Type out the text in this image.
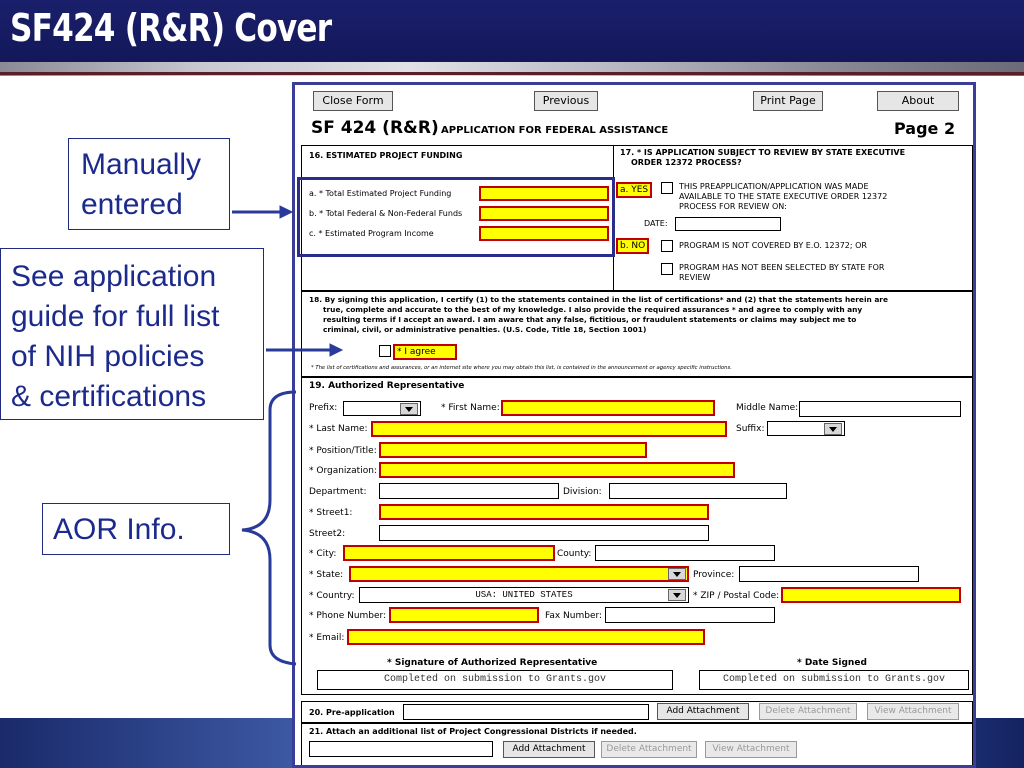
SF424 (R&R) Cover
Close Form	Previous	Print Page	About
SF 424 (R&R) APPLICATION FOR FEDERAL ASSISTANCE	Page 2
16. ESTIMATED PROJECT FUNDING
a. * Total Estimated Project Funding
b. * Total Federal & Non-Federal Funds
c. * Estimated Program Income
17. * IS APPLICATION SUBJECT TO REVIEW BY STATE EXECUTIVE
ORDER 12372 PROCESS?
a. YES	THIS PREAPPLICATION/APPLICATION WAS MADE
AVAILABLE TO THE STATE EXECUTIVE ORDER 12372
PROCESS FOR REVIEW ON:
DATE:
b. NO	PROGRAM IS NOT COVERED BY E.O. 12372; OR
PROGRAM HAS NOT BEEN SELECTED BY STATE FOR
REVIEW
18. By signing this application, I certify (1) to the statements contained in the list of certifications* and (2) that the statements herein are
true, complete and accurate to the best of my knowledge. I also provide the required assurances * and agree to comply with any
resulting terms if I accept an award. I am aware that any false, fictitious, or fraudulent statements or claims may subject me to
criminal, civil, or administrative penalties. (U.S. Code, Title 18, Section 1001)
* I agree
* The list of certifications and assurances, or an internet site where you may obtain this list, is contained in the announcement or agency specific instructions.
19. Authorized Representative
Prefix:	* First Name:	Middle Name:
* Last Name:	Suffix:
* Position/Title:
* Organization:
Department:	Division:
* Street1:
Street2:
* City:	County:
* State:	Province:
* Country:	USA: UNITED STATES	* ZIP / Postal Code:
* Phone Number:	Fax Number:
* Email:
* Signature of Authorized Representative	* Date Signed
Completed on submission to Grants.gov	Completed on submission to Grants.gov
20. Pre-application	Add Attachment	Delete Attachment	View Attachment
21. Attach an additional list of Project Congressional Districts if needed.
Add Attachment	Delete Attachment	View Attachment
Manually
entered
See application
guide for full list
of NIH policies
& certifications
AOR Info.
